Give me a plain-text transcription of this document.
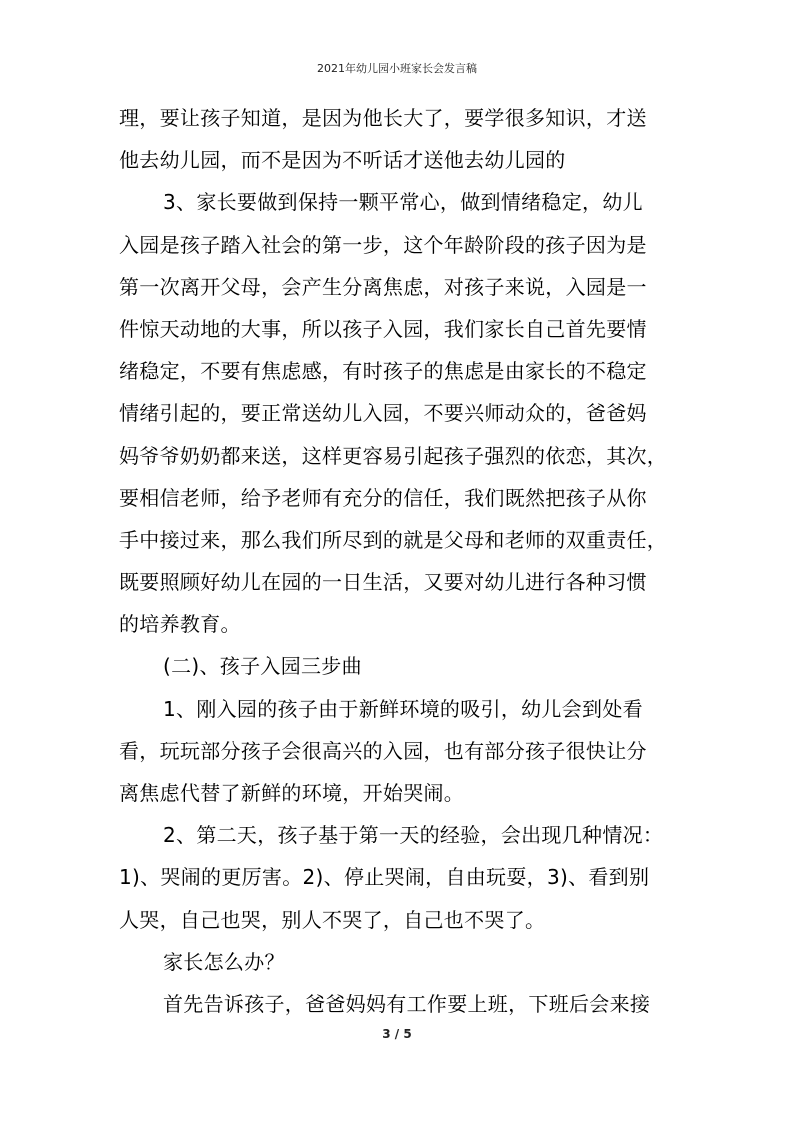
2021年幼儿园小班家长会发言稿
理，要让孩子知道，是因为他长大了，要学很多知识，才送
他去幼儿园，而不是因为不听话才送他去幼儿园的
3、家长要做到保持一颗平常心，做到情绪稳定，幼儿
入园是孩子踏入社会的第一步，这个年龄阶段的孩子因为是
第一次离开父母，会产生分离焦虑，对孩子来说，入园是一
件惊天动地的大事，所以孩子入园，我们家长自己首先要情
绪稳定，不要有焦虑感，有时孩子的焦虑是由家长的不稳定
情绪引起的，要正常送幼儿入园，不要兴师动众的，爸爸妈
妈爷爷奶奶都来送，这样更容易引起孩子强烈的依恋，其次，
要相信老师，给予老师有充分的信任，我们既然把孩子从你
手中接过来，那么我们所尽到的就是父母和老师的双重责任，
既要照顾好幼儿在园的一日生活，又要对幼儿进行各种习惯
的培养教育。
(二)、孩子入园三步曲
1、刚入园的孩子由于新鲜环境的吸引，幼儿会到处看
看，玩玩部分孩子会很高兴的入园，也有部分孩子很快让分
离焦虑代替了新鲜的环境，开始哭闹。
2、第二天，孩子基于第一天的经验，会出现几种情况：
1)、哭闹的更厉害。2)、停止哭闹，自由玩耍，3)、看到别
人哭，自己也哭，别人不哭了，自己也不哭了。
家长怎么办？
首先告诉孩子，爸爸妈妈有工作要上班，下班后会来接
3 / 5
